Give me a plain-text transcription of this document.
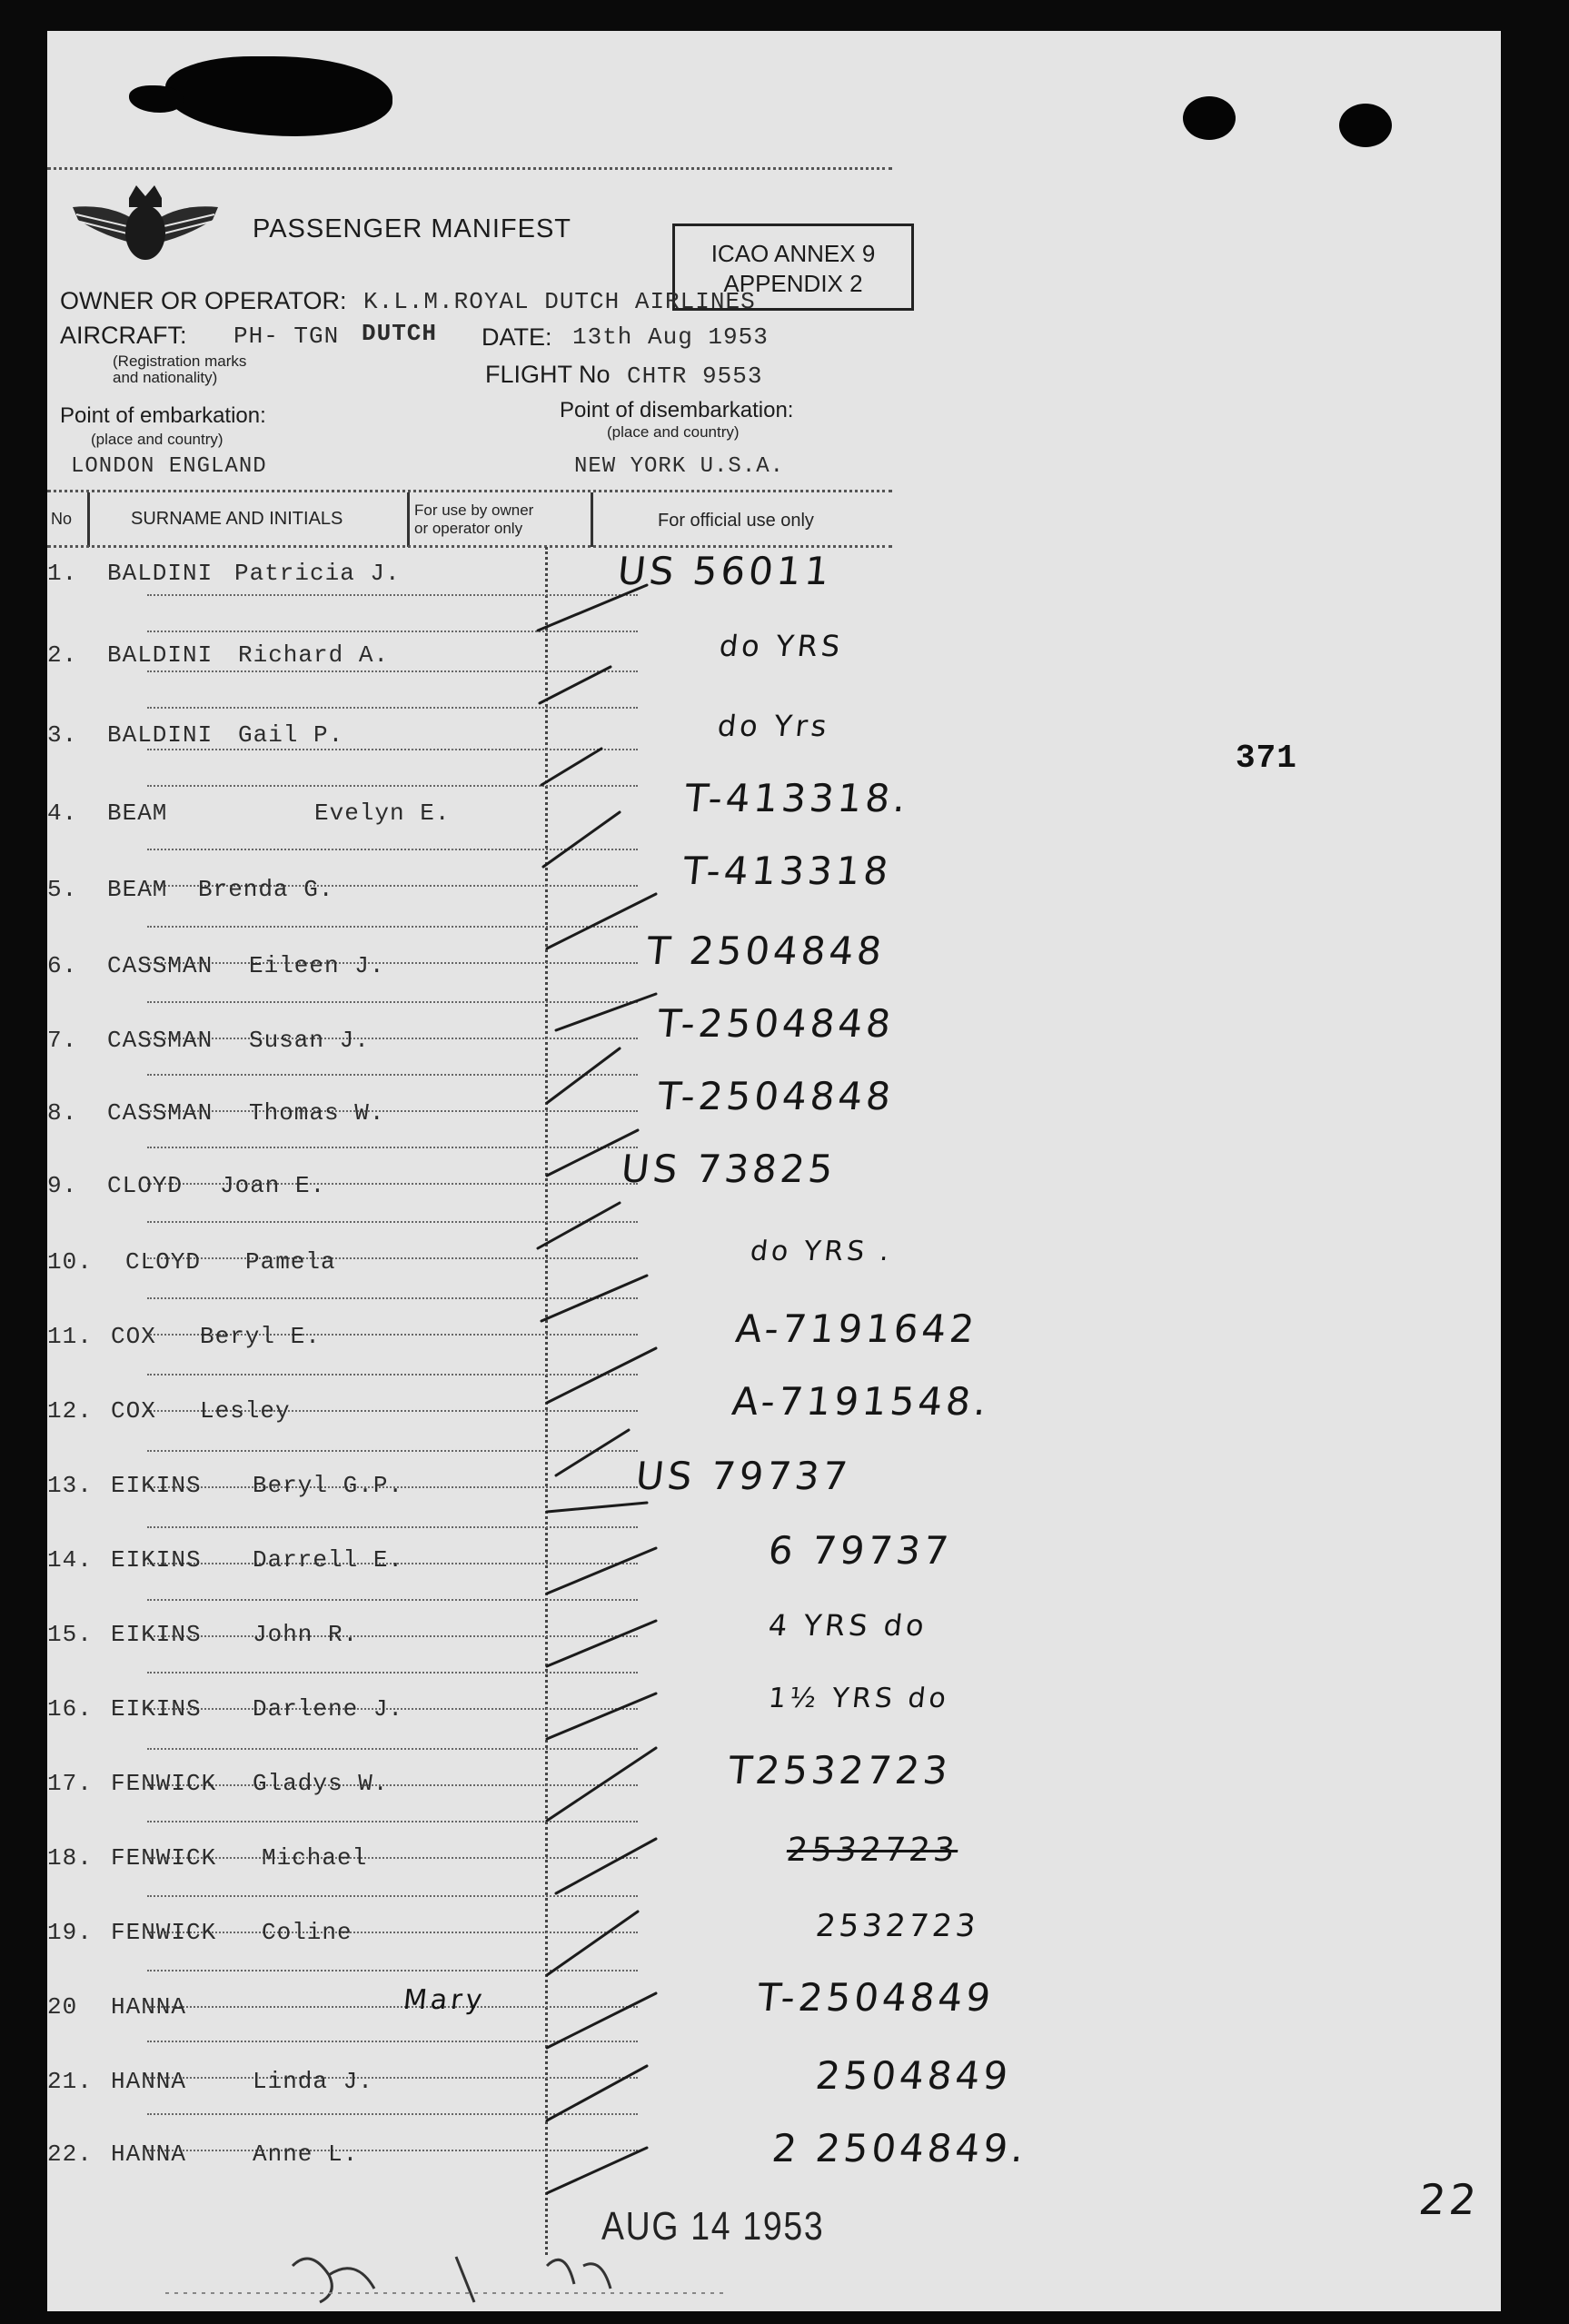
PASSENGER MANIFEST
ICAO ANNEX 9
APPENDIX 2
OWNER OR OPERATOR: K.L.M.ROYAL DUTCH AIRLINES
AIRCRAFT: PH- TGN DUTCH
(Registration marks
and nationality)
DATE: 13th Aug 1953
FLIGHT No CHTR 9553
Point of embarkation:
(place and country)
LONDON ENGLAND
Point of disembarkation:
(place and country)
NEW YORK U.S.A.
No	SURNAME AND INITIALS	For use by owner
or operator only	For official use only
1. BALDINI Patricia J.	US 56011
2. BALDINI Richard A.	do YRS
3. BALDINI Gail P.	do Yrs
4. BEAM	Evelyn E.	T-413318.
5. BEAM Brenda G.	T-413318
6. CASSMAN Eileen J.	T 2504848
7. CASSMAN Susan J.	T-2504848
8. CASSMAN Thomas W.	T-2504848
9. CLOYD Joan E.	US 73825
10. CLOYD Pamela	do YRS .
11. COX Beryl E.	A-7191642
12. COX Lesley	A-7191548.
13. EIKINS Beryl G.P.	US 79737
14. EIKINS Darrell E.	6 79737
15. EIKINS John R.	4 YRS do
16. EIKINS Darlene J.	1½ YRS do
17. FENWICK Gladys W.	T2532723
18. FENWICK Michael	2532723
19. FENWICK Coline	2532723
20 HANNA	Mary	T-2504849
21. HANNA	Linda J.	2504849
22. HANNA	Anne L.	2 2504849.
371
22
AUG 14 1953
